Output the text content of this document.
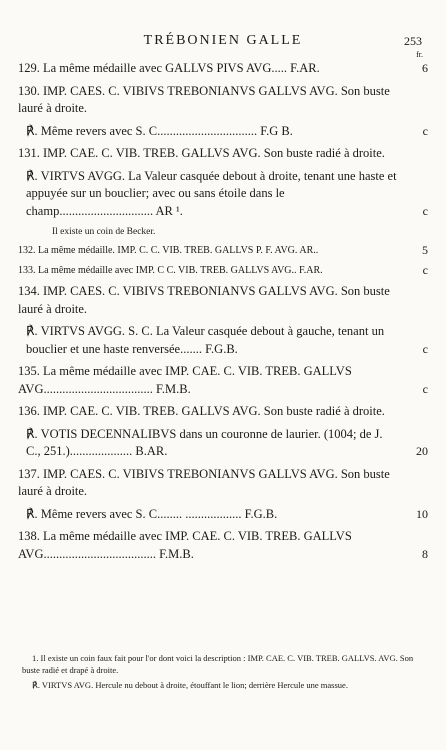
TRÉBONIEN GALLE	253
fr.
129. La même médaille avec GALLVS PIVS AVG..... F.AR.	6
130. IMP. CAES. C. VIBIVS TREBONIANVS GALLVS AVG. Son buste lauré à droite.
℟. Même revers avec S. C................................ F.G B.	c
131. IMP. CAE. C. VIB. TREB. GALLVS AVG. Son buste radié à droite.
℟. VIRTVS AVGG. La Valeur casquée debout à droite, tenant une haste et appuyée sur un bouclier; avec ou sans étoile dans le champ.............................. AR ¹.	c
Il existe un coin de Becker.
132. La même médaille. IMP. C. C. VIB. TREB. GALLVS P. F. AVG. AR..	5
133. La même médaille avec IMP. C C. VIB. TREB. GALLVS AVG.. F.AR.	c
134. IMP. CAES. C. VIBIVS TREBONIANVS GALLVS AVG. Son buste lauré à droite.
℟. VIRTVS AVGG. S. C. La Valeur casquée debout à gauche, tenant un bouclier et une haste renversée....... F.G.B.	c
135. La même médaille avec IMP. CAE. C. VIB. TREB. GALLVS AVG................................... F.M.B.	c
136. IMP. CAE. C. VIB. TREB. GALLVS AVG. Son buste radié à droite.
℟. VOTIS DECENNALIBVS dans un couronne de laurier. (1004; de J. C., 251.).................... B.AR.	20
137. IMP. CAES. C. VIBIVS TREBONIANVS GALLVS AVG. Son buste lauré à droite.
℟. Même revers avec S. C........ .................. F.G.B.	10
138. La même médaille avec IMP. CAE. C. VIB. TREB. GALLVS AVG.................................... F.M.B.	8
1. Il existe un coin faux fait pour l'or dont voici la description : IMP. CAE. C. VIB. TREB. GALLVS. AVG. Son buste radié et drapé à droite.
℟. VIRTVS AVG. Hercule nu debout à droite, étouffant le lion; derrière Hercule une massue.
